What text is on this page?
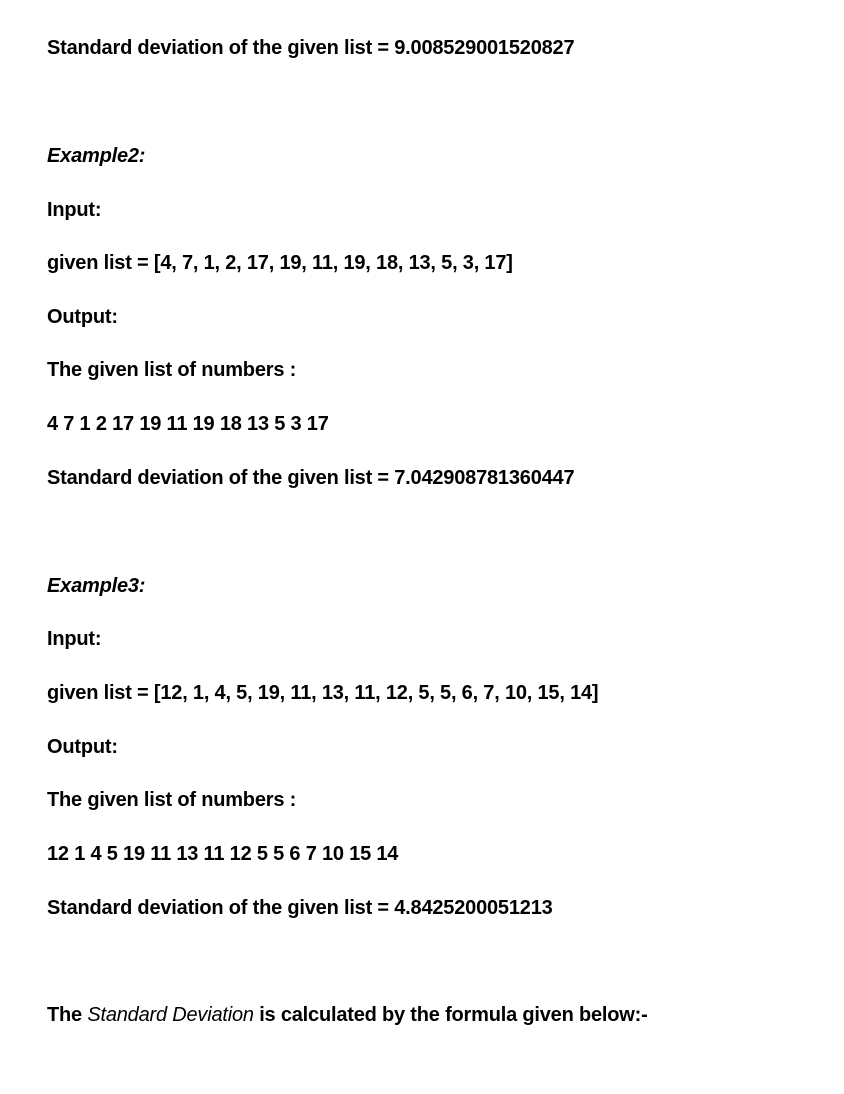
Standard deviation of the given list = 9.008529001520827

Example2:

Input:

given list = [4, 7, 1, 2, 17, 19, 11, 19, 18, 13, 5, 3, 17]

Output:

The given list of numbers :

4 7 1 2 17 19 11 19 18 13 5 3 17

Standard deviation of the given list = 7.042908781360447

Example3:

Input:

given list = [12, 1, 4, 5, 19, 11, 13, 11, 12, 5, 5, 6, 7, 10, 15, 14]

Output:

The given list of numbers :

12 1 4 5 19 11 13 11 12 5 5 6 7 10 15 14

Standard deviation of the given list = 4.8425200051213

The Standard Deviation is calculated by the formula given below:-
